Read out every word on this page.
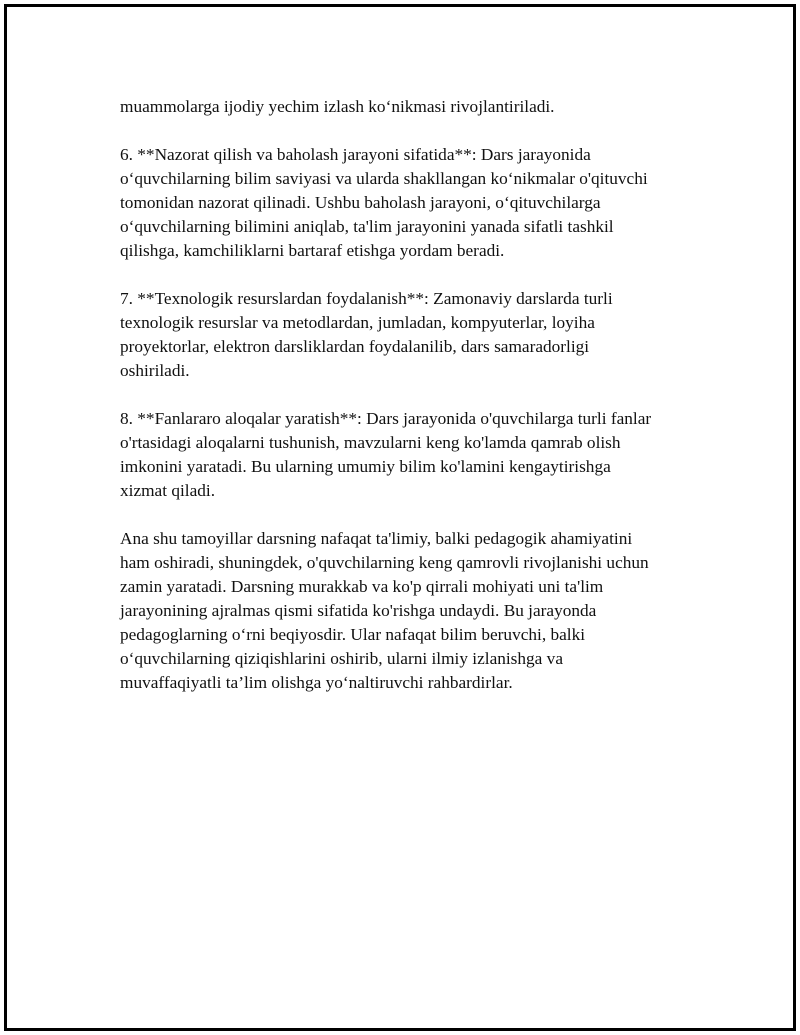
muammolarga ijodiy yechim izlash ko‘nikmasi rivojlantiriladi.

6. **Nazorat qilish va baholash jarayoni sifatida**: Dars jarayonida
o‘quvchilarning bilim saviyasi va ularda shakllangan ko‘nikmalar o'qituvchi
tomonidan nazorat qilinadi. Ushbu baholash jarayoni, o‘qituvchilarga
o‘quvchilarning bilimini aniqlab, ta'lim jarayonini yanada sifatli tashkil
qilishga, kamchiliklarni bartaraf etishga yordam beradi.

7. **Texnologik resurslardan foydalanish**: Zamonaviy darslarda turli
texnologik resurslar va metodlardan, jumladan, kompyuterlar, loyiha
proyektorlar, elektron darsliklardan foydalanilib, dars samaradorligi
oshiriladi.

8. **Fanlararo aloqalar yaratish**: Dars jarayonida o'quvchilarga turli fanlar
o'rtasidagi aloqalarni tushunish, mavzularni keng ko'lamda qamrab olish
imkonini yaratadi. Bu ularning umumiy bilim ko'lamini kengaytirishga
xizmat qiladi.

Ana shu tamoyillar darsning nafaqat ta'limiy, balki pedagogik ahamiyatini
ham oshiradi, shuningdek, o'quvchilarning keng qamrovli rivojlanishi uchun
zamin yaratadi. Darsning murakkab va ko'p qirrali mohiyati uni ta'lim
jarayonining ajralmas qismi sifatida ko'rishga undaydi. Bu jarayonda
pedagoglarning o‘rni beqiyosdir. Ular nafaqat bilim beruvchi, balki
o‘quvchilarning qiziqishlarini oshirib, ularni ilmiy izlanishga va
muvaffaqiyatli ta’lim olishga yo‘naltiruvchi rahbardirlar.
